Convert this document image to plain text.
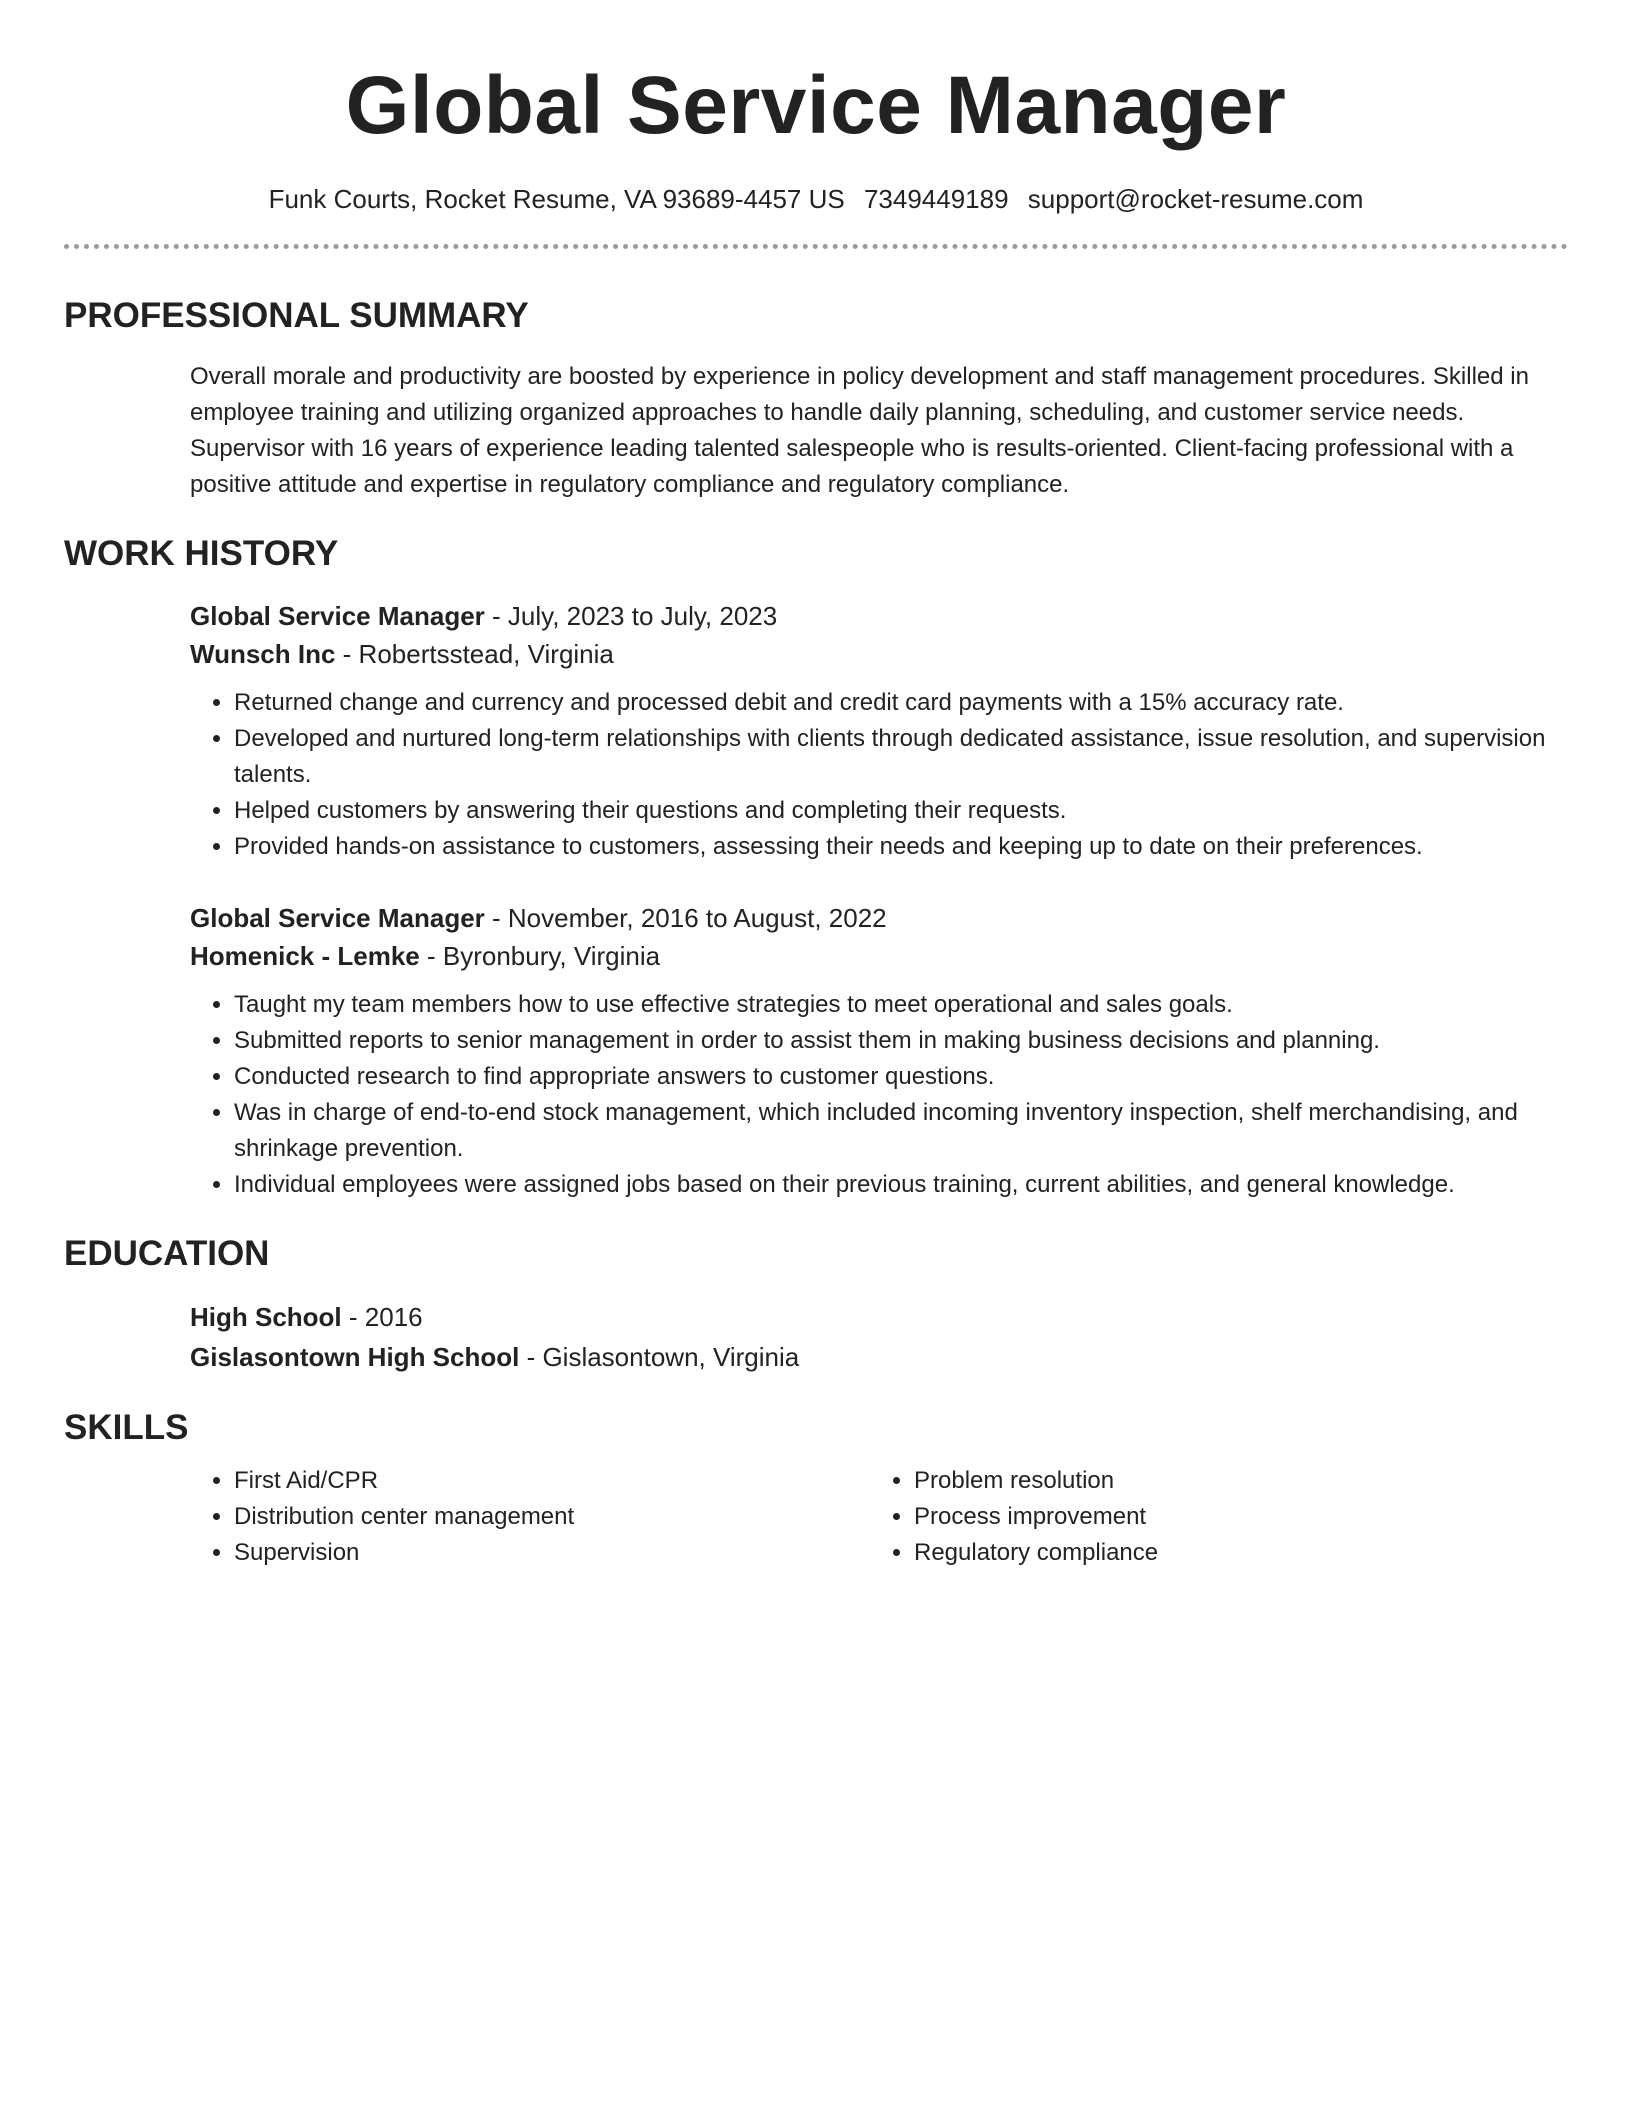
Global Service Manager
Funk Courts, Rocket Resume, VA 93689-4457 US 7349449189 support@rocket-resume.com
PROFESSIONAL SUMMARY

Overall morale and productivity are boosted by experience in policy development and staff management procedures. Skilled in employee training and utilizing organized approaches to handle daily planning, scheduling, and customer service needs. Supervisor with 16 years of experience leading talented salespeople who is results-oriented. Client-facing professional with a positive attitude and expertise in regulatory compliance and regulatory compliance.

WORK HISTORY
Global Service Manager - July, 2023 to July, 2023
Wunsch Inc - Robertsstead, Virginia
• Returned change and currency and processed debit and credit card payments with a 15% accuracy rate.
• Developed and nurtured long-term relationships with clients through dedicated assistance, issue resolution, and supervision talents.
• Helped customers by answering their questions and completing their requests.
• Provided hands-on assistance to customers, assessing their needs and keeping up to date on their preferences.
Global Service Manager - November, 2016 to August, 2022
Homenick - Lemke - Byronbury, Virginia
• Taught my team members how to use effective strategies to meet operational and sales goals.
• Submitted reports to senior management in order to assist them in making business decisions and planning.
• Conducted research to find appropriate answers to customer questions.
• Was in charge of end-to-end stock management, which included incoming inventory inspection, shelf merchandising, and shrinkage prevention.
• Individual employees were assigned jobs based on their previous training, current abilities, and general knowledge.
EDUCATION
High School - 2016
Gislasontown High School - Gislasontown, Virginia
SKILLS
• First Aid/CPR
• Distribution center management
• Supervision
• Problem resolution
• Process improvement
• Regulatory compliance
